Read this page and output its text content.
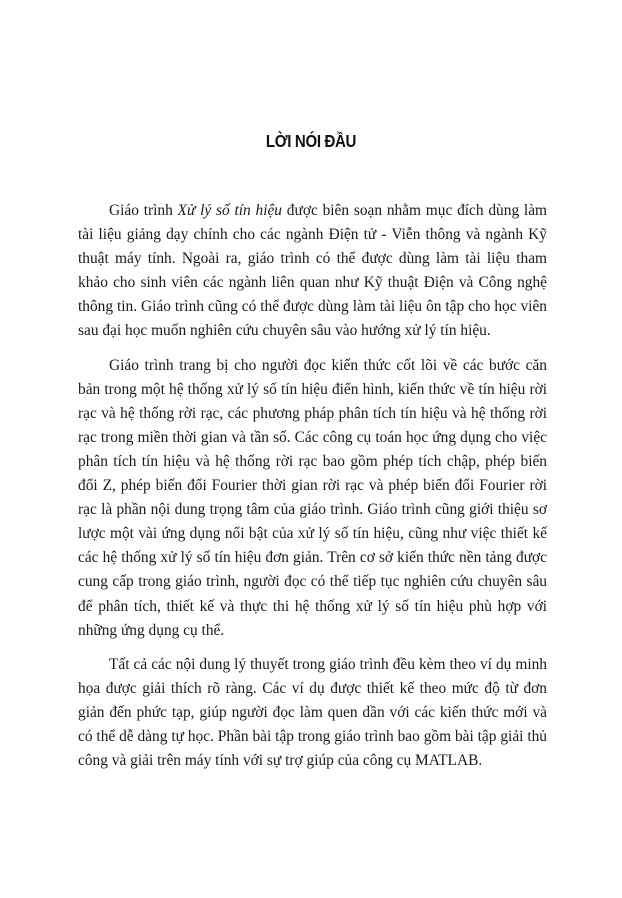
LỜI NÓI ĐẦU

Giáo trình Xử lý số tín hiệu được biên soạn nhằm mục đích dùng làm tài liệu giảng dạy chính cho các ngành Điện tử - Viễn thông và ngành Kỹ thuật máy tính. Ngoài ra, giáo trình có thể được dùng làm tài liệu tham khảo cho sinh viên các ngành liên quan như Kỹ thuật Điện và Công nghệ thông tin. Giáo trình cũng có thể được dùng làm tài liệu ôn tập cho học viên sau đại học muốn nghiên cứu chuyên sâu vào hướng xử lý tín hiệu.

Giáo trình trang bị cho người đọc kiến thức cốt lõi về các bước căn bản trong một hệ thống xử lý số tín hiệu điển hình, kiến thức về tín hiệu rời rạc và hệ thống rời rạc, các phương pháp phân tích tín hiệu và hệ thống rời rạc trong miền thời gian và tần số. Các công cụ toán học ứng dụng cho việc phân tích tín hiệu và hệ thống rời rạc bao gồm phép tích chập, phép biến đổi Z, phép biến đổi Fourier thời gian rời rạc và phép biến đổi Fourier rời rạc là phần nội dung trọng tâm của giáo trình. Giáo trình cũng giới thiệu sơ lược một vài ứng dụng nổi bật của xử lý số tín hiệu, cũng như việc thiết kế các hệ thống xử lý số tín hiệu đơn giản. Trên cơ sở kiến thức nền tảng được cung cấp trong giáo trình, người đọc có thể tiếp tục nghiên cứu chuyên sâu để phân tích, thiết kế và thực thi hệ thống xử lý số tín hiệu phù hợp với những ứng dụng cụ thể.

Tất cả các nội dung lý thuyết trong giáo trình đều kèm theo ví dụ minh họa được giải thích rõ ràng. Các ví dụ được thiết kế theo mức độ từ đơn giản đến phức tạp, giúp người đọc làm quen dần với các kiến thức mới và có thể dễ dàng tự học. Phần bài tập trong giáo trình bao gồm bài tập giải thủ công và giải trên máy tính với sự trợ giúp của công cụ MATLAB.
